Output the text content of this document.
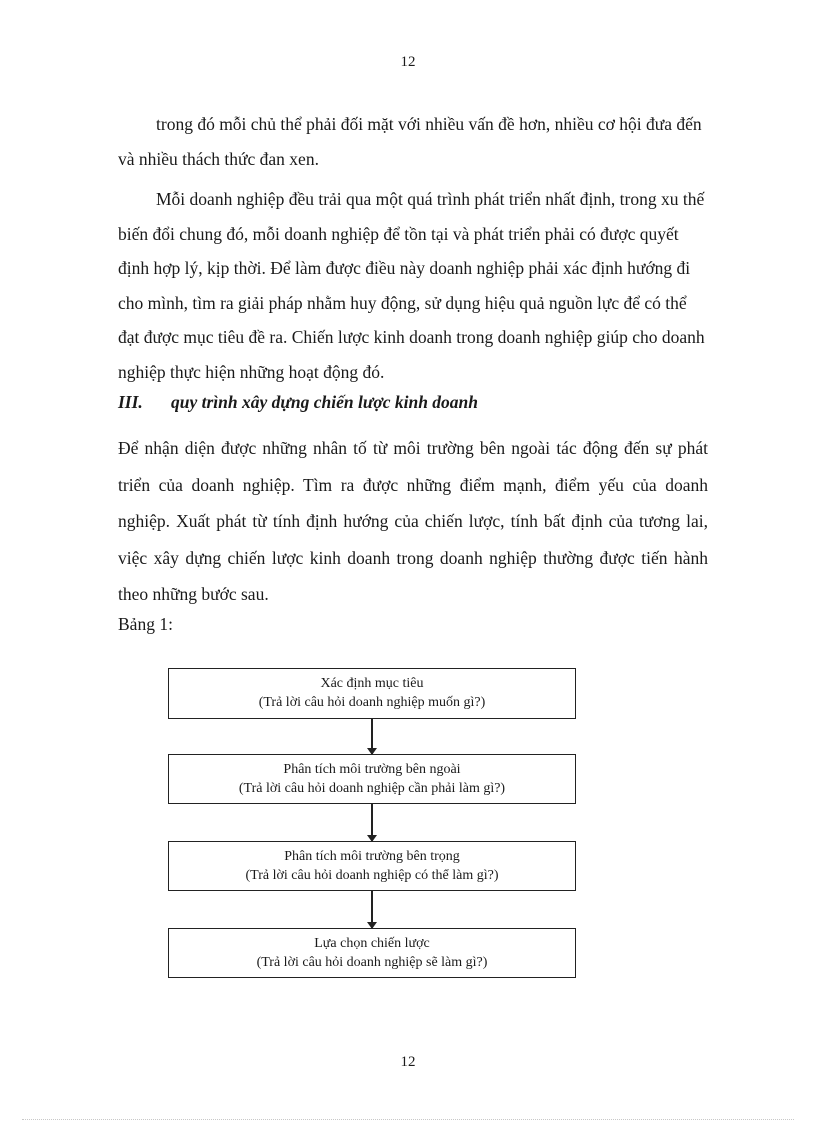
12

trong đó mỗi chủ thể phải đối mặt với nhiều vấn đề hơn, nhiều cơ hội đưa đến và nhiều thách thức đan xen.

Mỗi doanh nghiệp đều trải qua một quá trình phát triển nhất định, trong xu thế biến đổi chung đó, mỗi doanh nghiệp để tồn tại và phát triển phải có được quyết định hợp lý, kịp thời. Để làm được điều này doanh nghiệp phải xác định hướng đi cho mình, tìm ra giải pháp nhằm huy động, sử dụng hiệu quả nguồn lực để có thể đạt được mục tiêu đề ra. Chiến lược kinh doanh trong doanh nghiệp giúp cho doanh nghiệp thực hiện những hoạt động đó.

III. quy trình xây dựng chiến lược kinh doanh

Để nhận diện được những nhân tố từ môi trường bên ngoài tác động đến sự phát triển của doanh nghiệp. Tìm ra được những điểm mạnh, điểm yếu của doanh nghiệp. Xuất phát từ tính định hướng của chiến lược, tính bất định của tương lai, việc xây dựng chiến lược kinh doanh trong doanh nghiệp thường được tiến hành theo những bước sau.

Bảng 1:
Xác định mục tiêu
(Trả lời câu hỏi doanh nghiệp muốn gì?)
Phân tích môi trường bên ngoài
(Trả lời câu hỏi doanh nghiệp cần phải làm gì?)
Phân tích môi trường bên trọng
(Trả lời câu hỏi doanh nghiệp có thể làm gì?)
Lựa chọn chiến lược
(Trả lời câu hỏi doanh nghiệp sẽ làm gì?)
12
